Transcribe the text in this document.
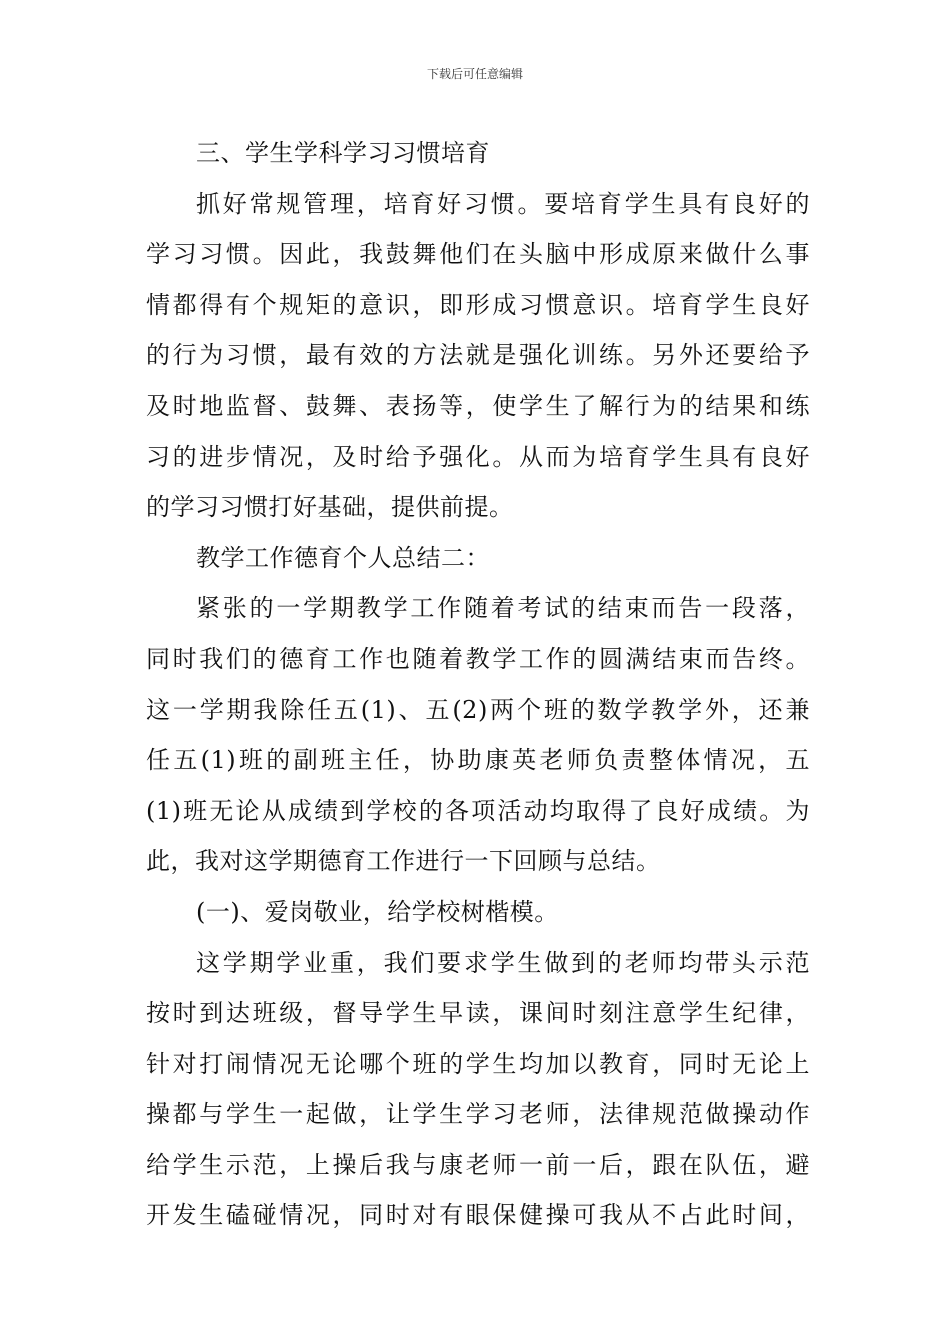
下载后可任意编辑
三、学生学科学习习惯培育
抓好常规管理，培育好习惯。要培育学生具有良好的
学习习惯。因此，我鼓舞他们在头脑中形成原来做什么事
情都得有个规矩的意识，即形成习惯意识。培育学生良好
的行为习惯，最有效的方法就是强化训练。另外还要给予
及时地监督、鼓舞、表扬等，使学生了解行为的结果和练
习的进步情况，及时给予强化。从而为培育学生具有良好
的学习习惯打好基础，提供前提。
教学工作德育个人总结二：
紧张的一学期教学工作随着考试的结束而告一段落，
同时我们的德育工作也随着教学工作的圆满结束而告终。
这一学期我除任五(1)、五(2)两个班的数学教学外，还兼
任五(1)班的副班主任，协助康英老师负责整体情况，五
(1)班无论从成绩到学校的各项活动均取得了良好成绩。为
此，我对这学期德育工作进行一下回顾与总结。
(一)、爱岗敬业，给学校树楷模。
这学期学业重，我们要求学生做到的老师均带头示范
按时到达班级，督导学生早读，课间时刻注意学生纪律，
针对打闹情况无论哪个班的学生均加以教育，同时无论上
操都与学生一起做，让学生学习老师，法律规范做操动作
给学生示范，上操后我与康老师一前一后，跟在队伍，避
开发生磕碰情况，同时对有眼保健操可我从不占此时间，
